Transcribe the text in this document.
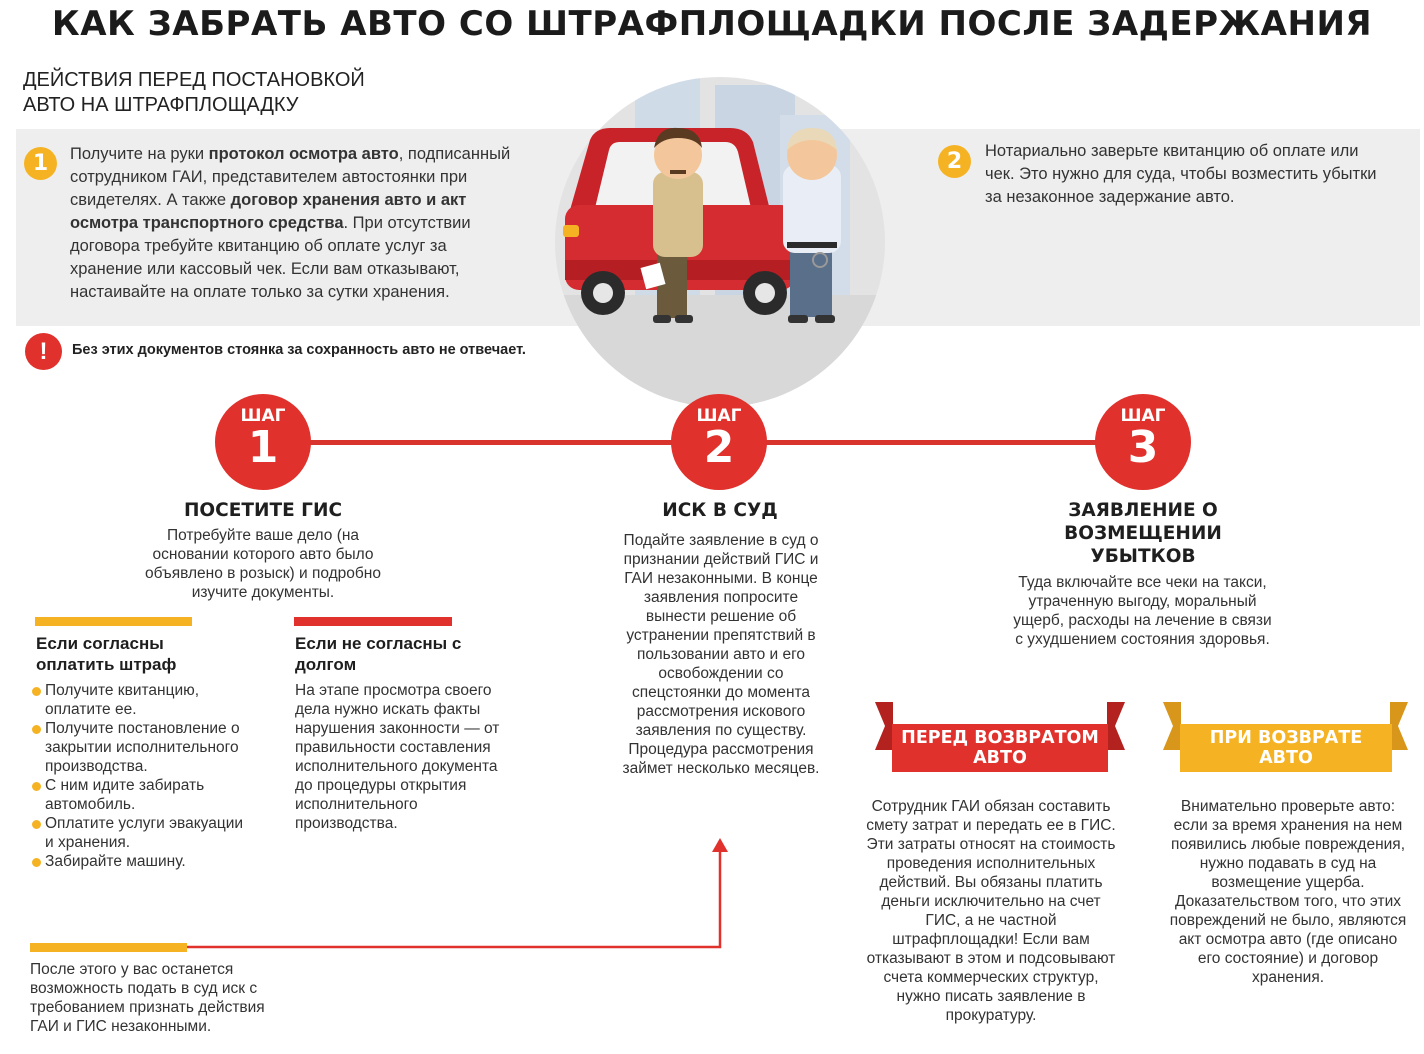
КАК ЗАБРАТЬ АВТО СО ШТРАФПЛОЩАДКИ ПОСЛЕ ЗАДЕРЖАНИЯ
ДЕЙСТВИЯ ПЕРЕД ПОСТАНОВКОЙ
АВТО НА ШТРАФПЛОЩАДКУ
1	Получите на руки протокол осмотра авто, подписанный сотрудником ГАИ, представителем автостоянки при свидетелях. А также договор хранения авто и акт осмотра транспортного средства. При отсутствии договора требуйте квитанцию об оплате услуг за хранение или кассовый чек. Если вам отказывают, настаивайте на оплате только за сутки хранения.
2	Нотариально заверьте квитанцию об оплате или чек. Это нужно для суда, чтобы возместить убытки за незаконное задержание авто.
!	Без этих документов стоянка за сохранность авто не отвечает.
ШАГ
1
ШАГ
2
ШАГ
3
ПОСЕТИТЕ ГИС
Потребуйте ваше дело (на основании которого авто было объявлено в розыск) и подробно изучите документы.
Если согласны оплатить штраф
Получите квитанцию, оплатите ее.
Получите постановление о закрытии исполнительного производства.
С ним идите забирать автомобиль.
Оплатите услуги эвакуации и хранения.
Забирайте машину.
Если не согласны с долгом
На этапе просмотра своего дела нужно искать факты нарушения законности — от правильности составления исполнительного документа до процедуры открытия исполнительного производства.
После этого у вас останется возможность подать в суд иск с требованием признать действия ГАИ и ГИС незаконными.
ИСК В СУД
Подайте заявление в суд о признании действий ГИС и ГАИ незаконными. В конце заявления попросите вынести решение об устранении препятствий в пользовании авто и его освобождении со спецстоянки до момента рассмотрения искового заявления по существу. Процедура рассмотрения займет несколько месяцев.
ЗАЯВЛЕНИЕ О ВОЗМЕЩЕНИИ УБЫТКОВ
Туда включайте все чеки на такси, утраченную выгоду, моральный ущерб, расходы на лечение в связи с ухудшением состояния здоровья.
ПЕРЕД ВОЗВРАТОМ АВТО
Сотрудник ГАИ обязан составить смету затрат и передать ее в ГИС. Эти затраты относят на стоимость проведения исполнительных действий. Вы обязаны платить деньги исключительно на счет ГИС, а не частной штрафплощадки! Если вам отказывают в этом и подсовывают счета коммерческих структур, нужно писать заявление в прокуратуру.
ПРИ ВОЗВРАТЕ АВТО
Внимательно проверьте авто: если за время хранения на нем появились любые повреждения, нужно подавать в суд на возмещение ущерба. Доказательством того, что этих повреждений не было, являются акт осмотра авто (где описано его состояние) и договор хранения.
